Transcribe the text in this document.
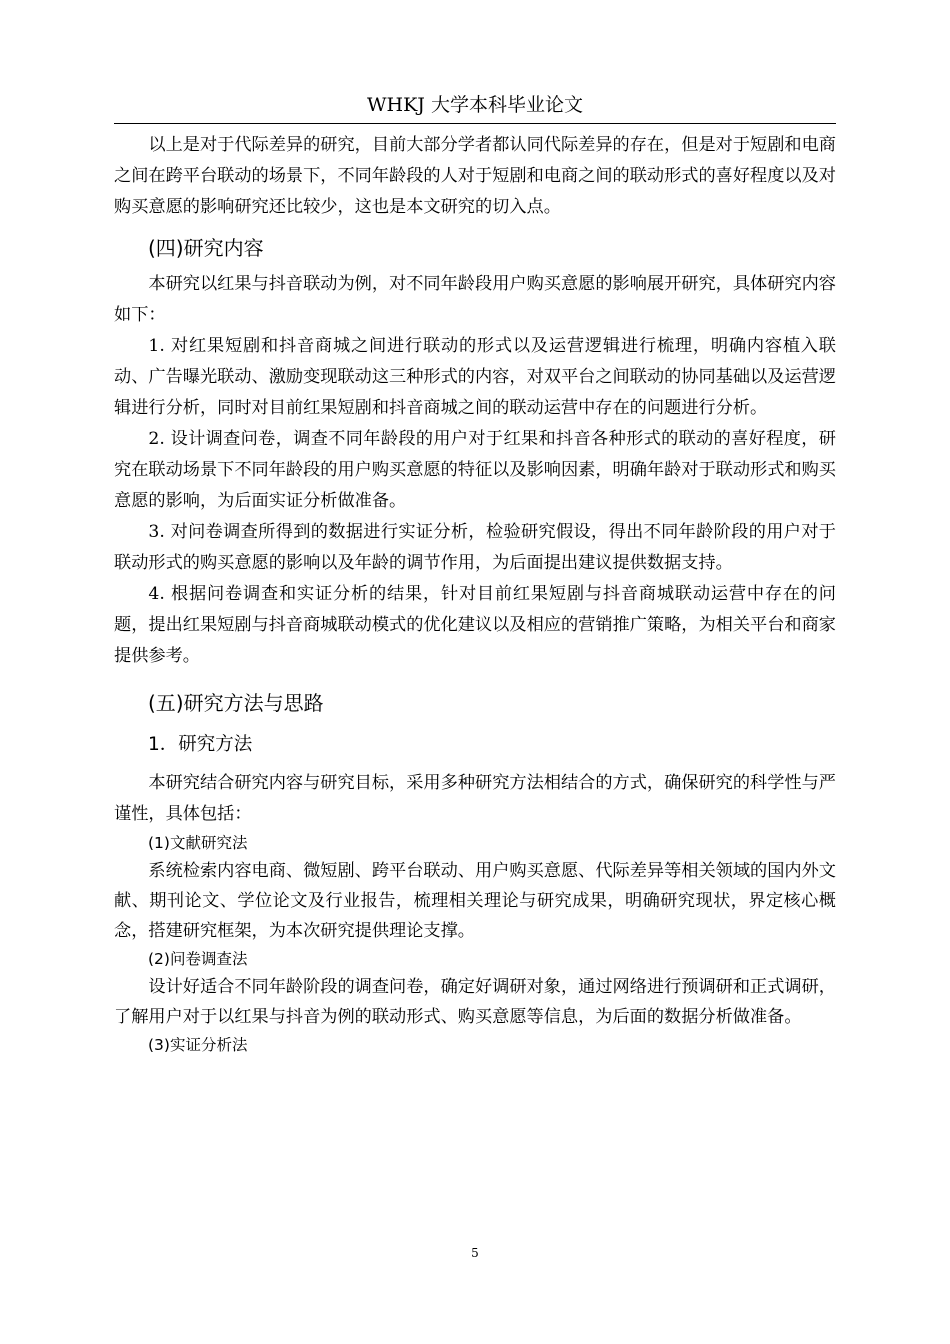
WHKJ 大学本科毕业论文

以上是对于代际差异的研究，目前大部分学者都认同代际差异的存在，但是对于短剧和电商之间在跨平台联动的场景下，不同年龄段的人对于短剧和电商之间的联动形式的喜好程度以及对购买意愿的影响研究还比较少，这也是本文研究的切入点。

(四)研究内容

本研究以红果与抖音联动为例，对不同年龄段用户购买意愿的影响展开研究，具体研究内容如下：

1. 对红果短剧和抖音商城之间进行联动的形式以及运营逻辑进行梳理，明确内容植入联动、广告曝光联动、激励变现联动这三种形式的内容，对双平台之间联动的协同基础以及运营逻辑进行分析，同时对目前红果短剧和抖音商城之间的联动运营中存在的问题进行分析。

2. 设计调查问卷，调查不同年龄段的用户对于红果和抖音各种形式的联动的喜好程度，研究在联动场景下不同年龄段的用户购买意愿的特征以及影响因素，明确年龄对于联动形式和购买意愿的影响，为后面实证分析做准备。

3. 对问卷调查所得到的数据进行实证分析，检验研究假设，得出不同年龄阶段的用户对于联动形式的购买意愿的影响以及年龄的调节作用，为后面提出建议提供数据支持。

4. 根据问卷调查和实证分析的结果，针对目前红果短剧与抖音商城联动运营中存在的问题，提出红果短剧与抖音商城联动模式的优化建议以及相应的营销推广策略，为相关平台和商家提供参考。

(五)研究方法与思路
1．研究方法

本研究结合研究内容与研究目标，采用多种研究方法相结合的方式，确保研究的科学性与严谨性，具体包括：

(1)文献研究法

系统检索内容电商、微短剧、跨平台联动、用户购买意愿、代际差异等相关领域的国内外文献、期刊论文、学位论文及行业报告，梳理相关理论与研究成果，明确研究现状，界定核心概念，搭建研究框架，为本次研究提供理论支撑。

(2)问卷调查法

设计好适合不同年龄阶段的调查问卷，确定好调研对象，通过网络进行预调研和正式调研，了解用户对于以红果与抖音为例的联动形式、购买意愿等信息，为后面的数据分析做准备。

(3)实证分析法
5
